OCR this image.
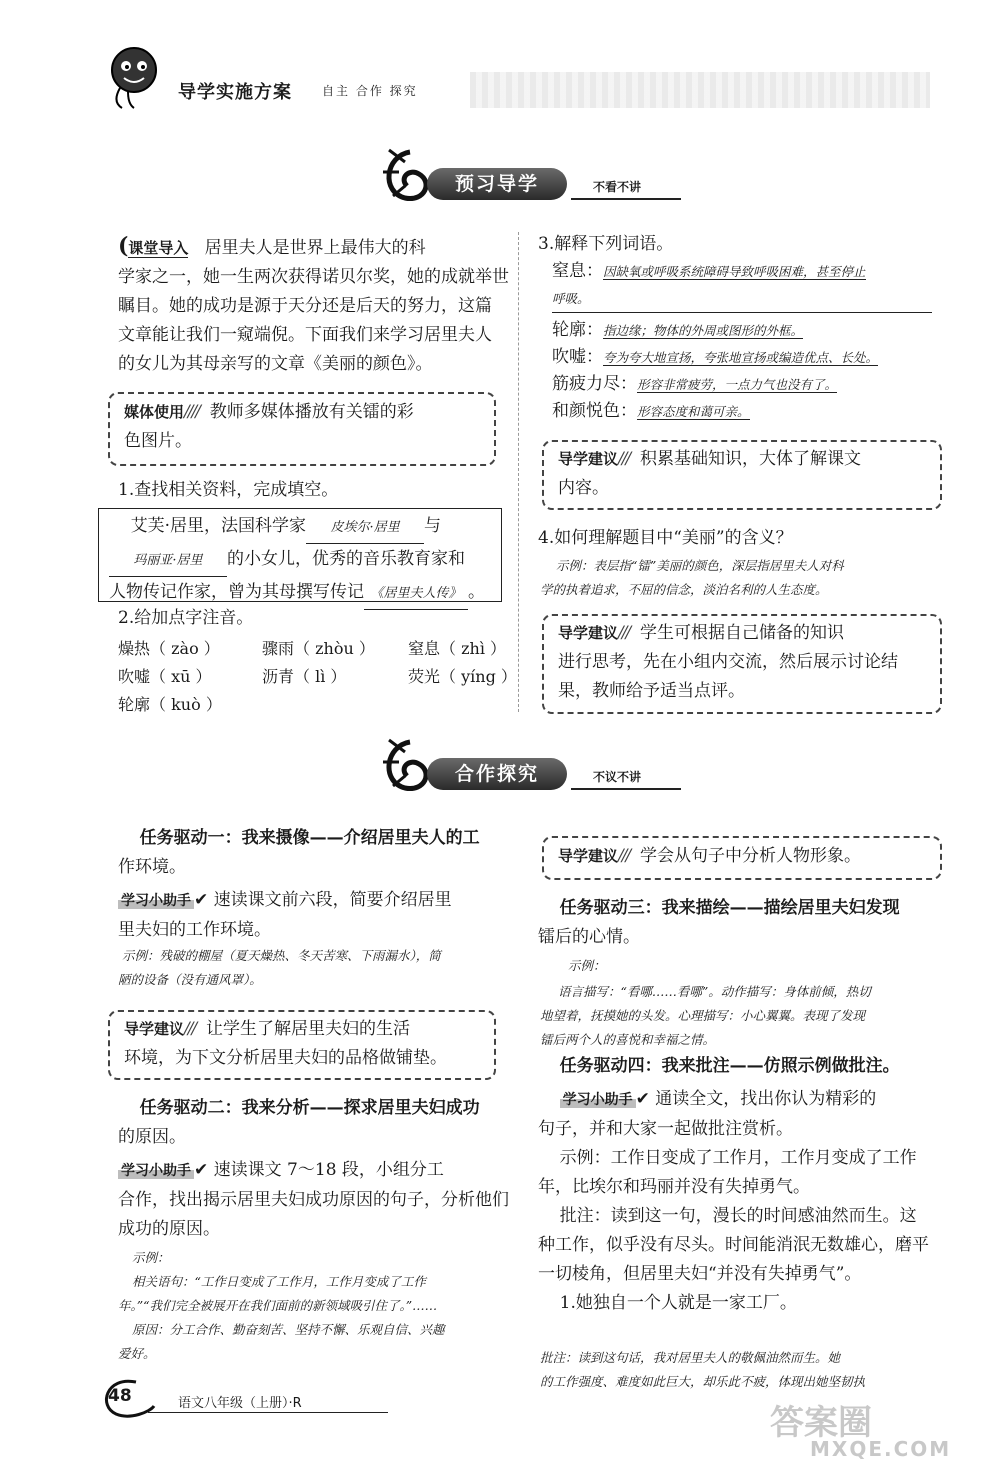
导学实施方案	自主 合作 探究
预习导学	不看不讲
(课堂导入 居里夫人是世界上最伟大的科
学家之一，她一生两次获得诺贝尔奖，她的成就举世
瞩目。她的成功是源于天分还是后天的努力，这篇
文章能让我们一窥端倪。下面我们来学习居里夫人
的女儿为其母亲写的文章《美丽的颜色》。
媒体使用//// 教师多媒体播放有关镭的彩
色图片。
1.查找相关资料，完成填空。
艾芙·居里，法国科学家 皮埃尔·居里 与
玛丽亚·居里 的小女儿，优秀的音乐教育家和
人物传记作家，曾为其母撰写传记 《居里夫人传》 。
2.给加点字注音。
燥热（ zào ）	骤雨（ zhòu ） 窒息（ zhì ）
吹嘘（ xū ）	沥青（ lì ）	荧光（ yíng ）
轮廓（ kuò ）
3.解释下列词语。
窒息：因缺氧或呼吸系统障碍导致呼吸困难，甚至停止
呼吸。
轮廓：指边缘；物体的外周或图形的外框。
吹嘘：夸为夸大地宣扬，夸张地宣扬或编造优点、长处。
筋疲力尽：形容非常疲劳，一点力气也没有了。
和颜悦色：形容态度和蔼可亲。
导学建议/// 积累基础知识，大体了解课文
内容。
4.如何理解题目中“美丽”的含义？
示例：表层指“镭”美丽的颜色，深层指居里夫人对科
学的执着追求，不屈的信念，淡泊名利的人生态度。
导学建议/// 学生可根据自己储备的知识
进行思考，先在小组内交流，然后展示讨论结
果，教师给予适当点评。
合作探究	不议不讲
任务驱动一：我来摄像——介绍居里夫人的工
作环境。
学习小助手 ✔ 速读课文前六段，简要介绍居里
里夫妇的工作环境。
示例：残破的棚屋（夏天燥热、冬天苦寒、下雨漏水），简
陋的设备（没有通风罩）。
导学建议/// 让学生了解居里夫妇的生活
环境，为下文分析居里夫妇的品格做铺垫。
任务驱动二：我来分析——探求居里夫妇成功
的原因。
学习小助手 ✔ 速读课文 7～18 段，小组分工
合作，找出揭示居里夫妇成功原因的句子，分析他们
成功的原因。
示例：
相关语句：“工作日变成了工作月，工作月变成了工作
年。”“我们完全被展开在我们面前的新领域吸引住了。”……
原因：分工合作、勤奋刻苦、坚持不懈、乐观自信、兴趣
爱好。
导学建议/// 学会从句子中分析人物形象。
任务驱动三：我来描绘——描绘居里夫妇发现
镭后的心情。
示例：
语言描写：“看哪……看哪”。动作描写：身体前倾，热切
地望着，抚摸她的头发。心理描写：小心翼翼。表现了发现
镭后两个人的喜悦和幸福之情。
任务驱动四：我来批注——仿照示例做批注。
学习小助手 ✔ 通读全文，找出你认为精彩的
句子，并和大家一起做批注赏析。
示例：工作日变成了工作月，工作月变成了工作
年，比埃尔和玛丽并没有失掉勇气。
批注：读到这一句，漫长的时间感油然而生。这
种工作，似乎没有尽头。时间能消泯无数雄心，磨平
一切棱角，但居里夫妇“并没有失掉勇气”。
1.她独自一个人就是一家工厂。
批注：读到这句话，我对居里夫人的敬佩油然而生。她
的工作强度、难度如此巨大，却乐此不疲，体现出她坚韧执
48	语文八年级（上册）·R	答案圈
MXQE.COM
